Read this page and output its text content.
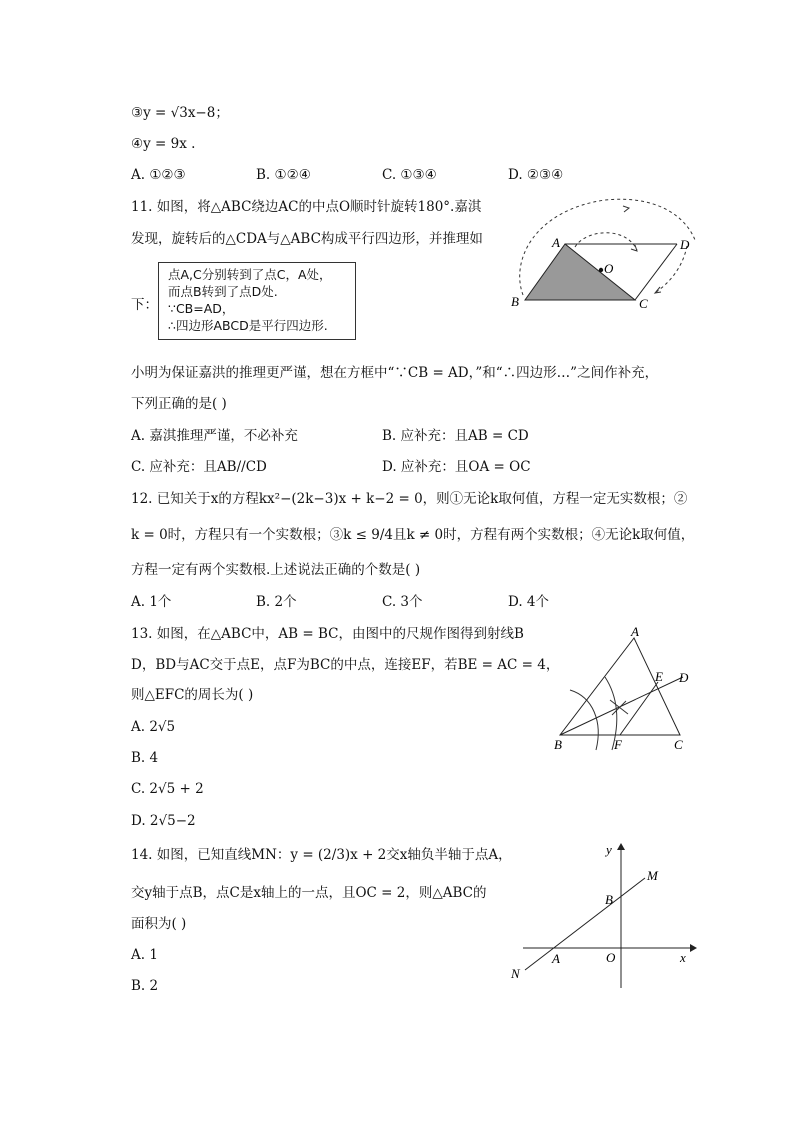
③y = √3x−8；
④y = 9x .
A. ①②③	B. ①②④	C. ①③④	D. ②③④
11. 如图，将△ABC绕边AC的中点O顺时针旋转180°.嘉淇
发现，旋转后的△CDA与△ABC构成平行四边形，并推理如
下：
点A,C分别转到了点C，A处，
而点B转到了点D处.
∵CB=AD，
∴四边形ABCD是平行四边形.
小明为保证嘉洪的推理更严谨，想在方框中“∵CB = AD，”和“∴四边形…”之间作补充，
下列正确的是( )
A. 嘉淇推理严谨，不必补充	B. 应补充：且AB = CD
C. 应补充：且AB//CD	D. 应补充：且OA = OC
A
B	C
D
O
12. 已知关于x的方程kx²−(2k−3)x + k−2 = 0，则①无论k取何值，方程一定无实数根；②
k = 0时，方程只有一个实数根；③k ≤ 9/4且k ≠ 0时，方程有两个实数根；④无论k取何值，
方程一定有两个实数根.上述说法正确的个数是( )
A. 1个	B. 2个	C. 3个	D. 4个
13. 如图，在△ABC中，AB = BC，由图中的尺规作图得到射线B
D，BD与AC交于点E，点F为BC的中点，连接EF，若BE = AC = 4，
则△EFC的周长为( )
A. 2√5
B. 4
C. 2√5 + 2
D. 2√5−2
A
B	C
D
E
F
14. 如图，已知直线MN：y = (2/3)x + 2交x轴负半轴于点A，
交y轴于点B，点C是x轴上的一点，且OC = 2，则△ABC的
面积为( )
A. 1
B. 2
y
x
M
N
B
A	O
